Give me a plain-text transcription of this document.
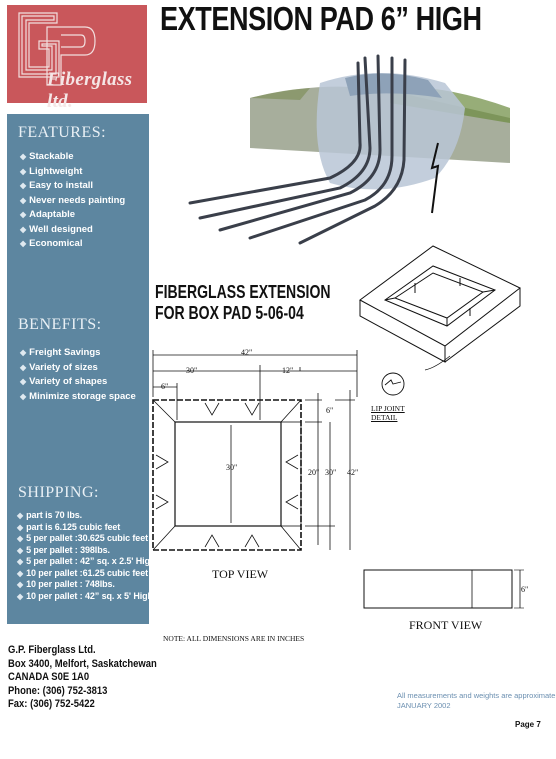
Fiberglass ltd.
EXTENSION PAD 6” HIGH
FEATURES:
◆ Stackable
◆ Lightweight
◆ Easy to install
◆ Never needs painting
◆ Adaptable
◆ Well designed
◆ Economical
BENEFITS:
◆ Freight Savings
◆ Variety of sizes
◆ Variety of shapes
◆ Minimize storage space
SHIPPING:
◆ part is 70 lbs.
◆ part is 6.125 cubic feet
◆ 5 per pallet :30.625 cubic feet
◆ 5 per pallet : 398lbs.
◆ 5 per pallet : 42” sq. x 2.5' High
◆ 10 per pallet :61.25 cubic feet
◆ 10 per pallet : 748lbs.
◆ 10 per pallet : 42” sq. x 5' High
FIBERGLASS EXTENSION
FOR BOX PAD 5-06-04
42"
30"	12"
6"
6"
30"
20" 30" 42"
LIP JOINT
DETAIL
TOP VIEW
6"
FRONT VIEW
NOTE: ALL DIMENSIONS ARE IN INCHES
G.P. Fiberglass Ltd.
Box 3400, Melfort, Saskatchewan
CANADA S0E 1A0
Phone: (306) 752-3813
Fax: (306) 752-5422
All measurements and weights are approximate
JANUARY 2002
Page 7
